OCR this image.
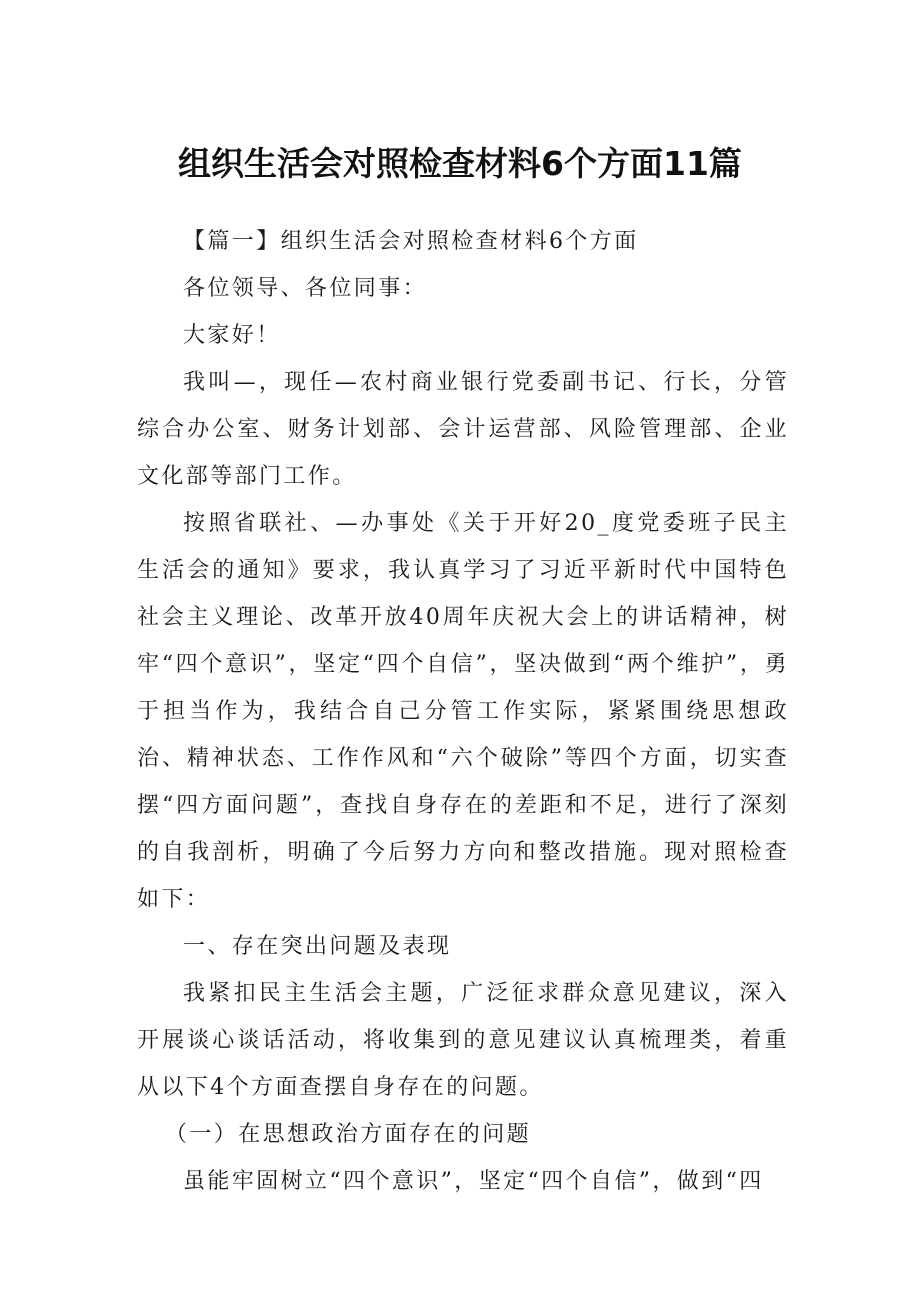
组织生活会对照检查材料6个方面11篇

【篇一】组织生活会对照检查材料6个方面

各位领导、各位同事：

大家好！

我叫—，现任—农村商业银行党委副书记、行长，分管综合办公室、财务计划部、会计运营部、风险管理部、企业文化部等部门工作。

按照省联社、—办事处《关于开好20_度党委班子民主生活会的通知》要求，我认真学习了习近平新时代中国特色社会主义理论、改革开放40周年庆祝大会上的讲话精神，树牢“四个意识”，坚定“四个自信”，坚决做到“两个维护”，勇于担当作为，我结合自己分管工作实际，紧紧围绕思想政治、精神状态、工作作风和“六个破除”等四个方面，切实查摆“四方面问题”，查找自身存在的差距和不足，进行了深刻的自我剖析，明确了今后努力方向和整改措施。现对照检查如下：

一、存在突出问题及表现

我紧扣民主生活会主题，广泛征求群众意见建议，深入开展谈心谈话活动，将收集到的意见建议认真梳理类，着重从以下4个方面查摆自身存在的问题。

（一）在思想政治方面存在的问题

虽能牢固树立“四个意识”，坚定“四个自信”，做到“四
